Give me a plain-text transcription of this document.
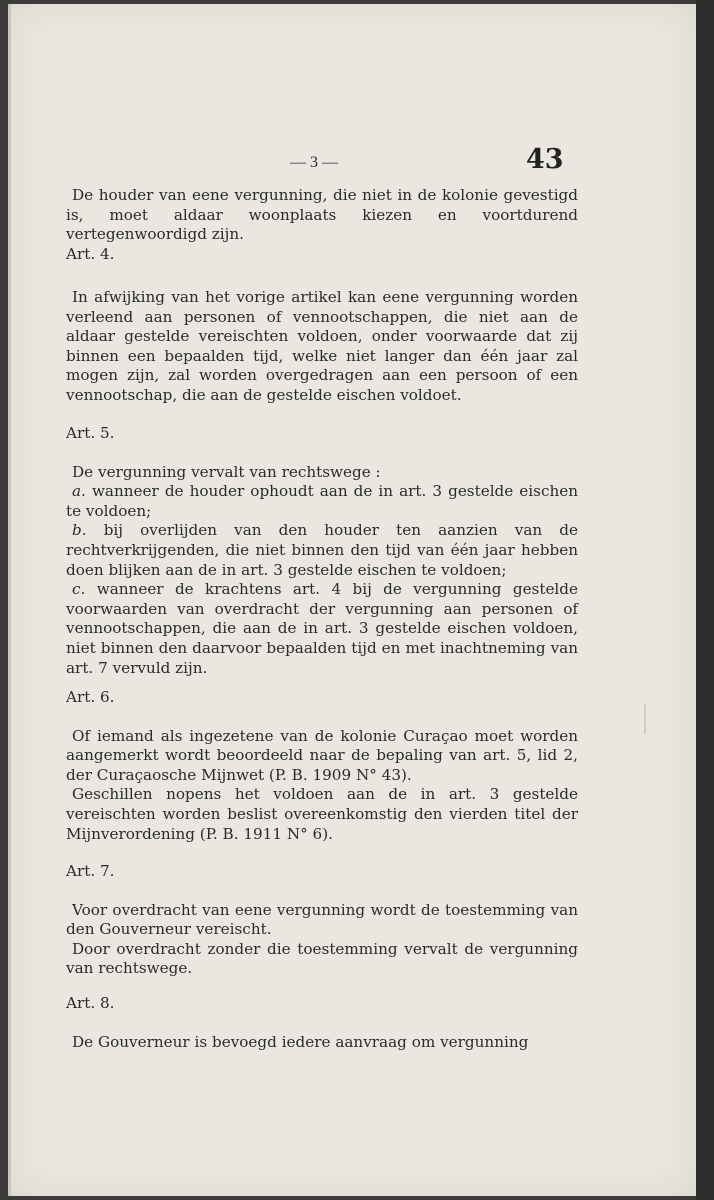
— 3 —	43

De houder van eene vergunning, die niet in de kolonie gevestigd is, moet aldaar woonplaats kiezen en voortdurend vertegenwoordigd zijn.

Art. 4.

In afwijking van het vorige artikel kan eene vergunning worden verleend aan personen of vennootschappen, die niet aan de aldaar gestelde vereischten voldoen, onder voorwaarde dat zij binnen een bepaalden tijd, welke niet langer dan één jaar zal mogen zijn, zal worden overgedragen aan een persoon of een vennootschap, die aan de gestelde eischen voldoet.

Art. 5.

De vergunning vervalt van rechtswege :

a. wanneer de houder ophoudt aan de in art. 3 gestelde eischen te voldoen;

b. bij overlijden van den houder ten aanzien van de rechtverkrijgenden, die niet binnen den tijd van één jaar hebben doen blijken aan de in art. 3 gestelde eischen te voldoen;

c. wanneer de krachtens art. 4 bij de vergunning gestelde voorwaarden van overdracht der vergunning aan personen of vennootschappen, die aan de in art. 3 gestelde eischen voldoen, niet binnen den daarvoor bepaalden tijd en met inachtneming van art. 7 vervuld zijn.

Art. 6.

Of iemand als ingezetene van de kolonie Curaçao moet worden aangemerkt wordt beoordeeld naar de bepaling van art. 5, lid 2, der Curaçaosche Mijnwet (P. B. 1909 N° 43).

Geschillen nopens het voldoen aan de in art. 3 gestelde vereischten worden beslist overeenkomstig den vierden titel der Mijnverordening (P. B. 1911 N° 6).

Art. 7.

Voor overdracht van eene vergunning wordt de toestemming van den Gouverneur vereischt.

Door overdracht zonder die toestemming vervalt de vergunning van rechtswege.

Art. 8.

De Gouverneur is bevoegd iedere aanvraag om vergunning
